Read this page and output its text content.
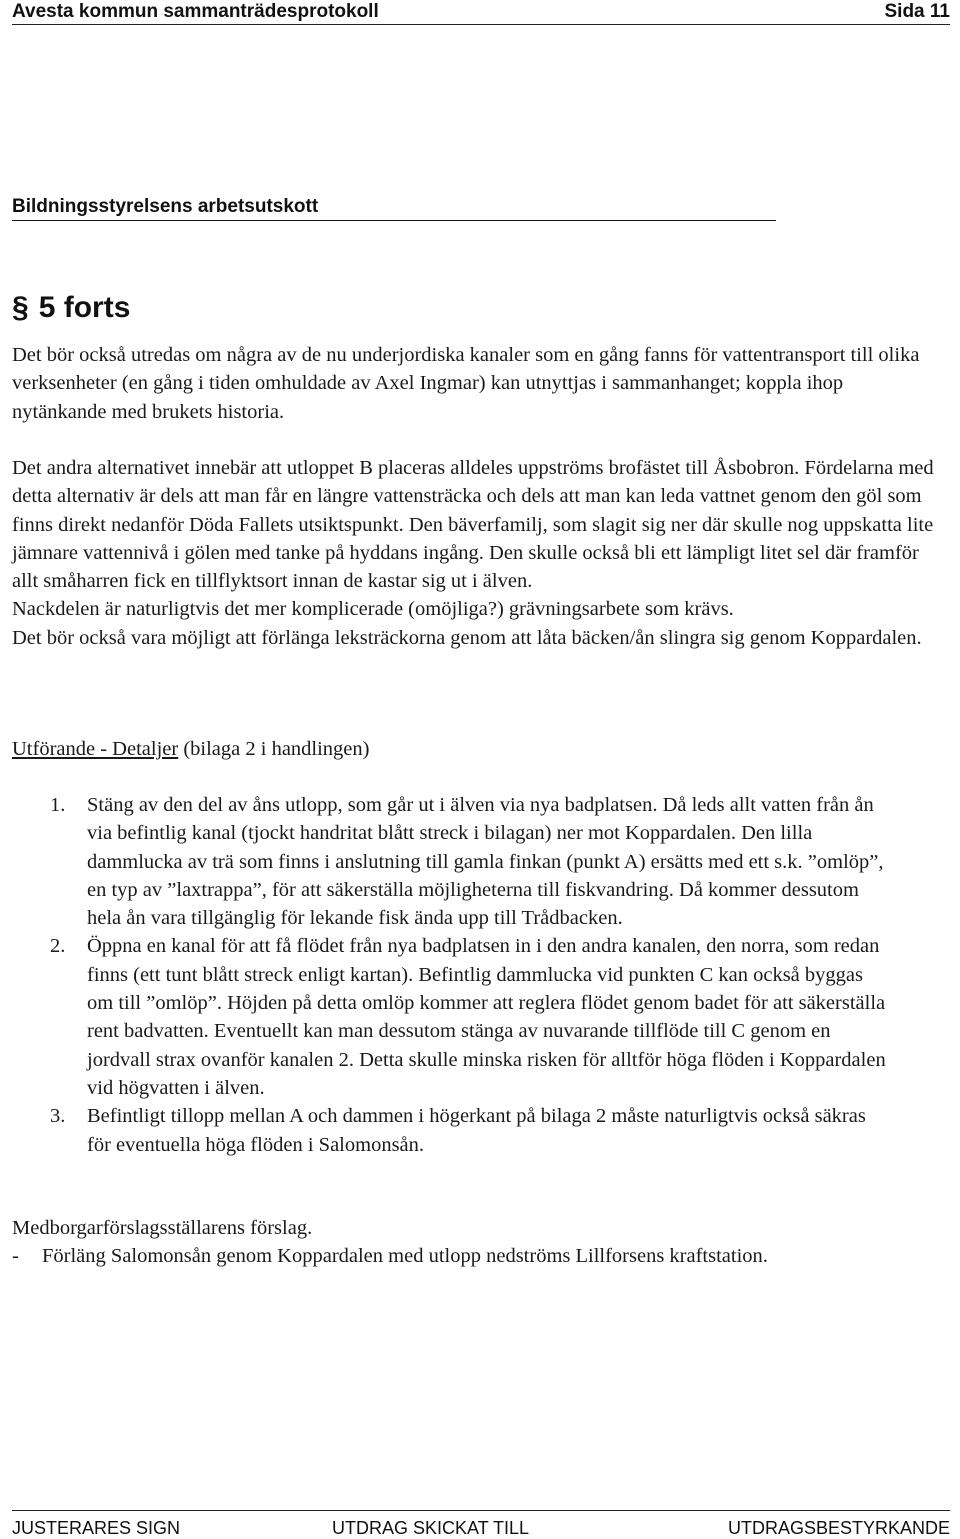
Avesta kommun sammanträdesprotokoll	Sida 11
Bildningsstyrelsens arbetsutskott
§ 5 forts

Det bör också utredas om några av de nu underjordiska kanaler som en gång fanns för vattentransport till olika verksenheter (en gång i tiden omhuldade av Axel Ingmar) kan utnyttjas i sammanhanget; koppla ihop nytänkande med brukets historia.

Det andra alternativet innebär att utloppet B placeras alldeles uppströms brofästet till Åsbobron. Fördelarna med detta alternativ är dels att man får en längre vattensträcka och dels att man kan leda vattnet genom den göl som finns direkt nedanför Döda Fallets utsiktspunkt. Den bäverfamilj, som slagit sig ner där skulle nog uppskatta lite jämnare vattennivå i gölen med tanke på hyddans ingång. Den skulle också bli ett lämpligt litet sel där framför allt småharren fick en tillflyktsort innan de kastar sig ut i älven.

Nackdelen är naturligtvis det mer komplicerade (omöjliga?) grävningsarbete som krävs.

Det bör också vara möjligt att förlänga leksträckorna genom att låta bäcken/ån slingra sig genom Koppardalen.

Utförande - Detaljer (bilaga 2 i handlingen)

1. Stäng av den del av åns utlopp, som går ut i älven via nya badplatsen. Då leds allt vatten från ån via befintlig kanal (tjockt handritat blått streck i bilagan) ner mot Koppardalen. Den lilla dammlucka av trä som finns i anslutning till gamla finkan (punkt A) ersätts med ett s.k. ”omlöp”, en typ av ”laxtrappa”, för att säkerställa möjligheterna till fiskvandring. Då kommer dessutom hela ån vara tillgänglig för lekande fisk ända upp till Trådbacken.
2. Öppna en kanal för att få flödet från nya badplatsen in i den andra kanalen, den norra, som redan finns (ett tunt blått streck enligt kartan). Befintlig dammlucka vid punkten C kan också byggas om till ”omlöp”. Höjden på detta omlöp kommer att reglera flödet genom badet för att säkerställa rent badvatten. Eventuellt kan man dessutom stänga av nuvarande tillflöde till C genom en jordvall strax ovanför kanalen 2. Detta skulle minska risken för alltför höga flöden i Koppardalen vid högvatten i älven.
3. Befintligt tillopp mellan A och dammen i högerkant på bilaga 2 måste naturligtvis också säkras för eventuella höga flöden i Salomonsån.

Medborgarförslagsställarens förslag.

- Förläng Salomonsån genom Koppardalen med utlopp nedströms Lillforsens kraftstation.
JUSTERARES SIGN	UTDRAG SKICKAT TILL	UTDRAGSBESTYRKANDE
